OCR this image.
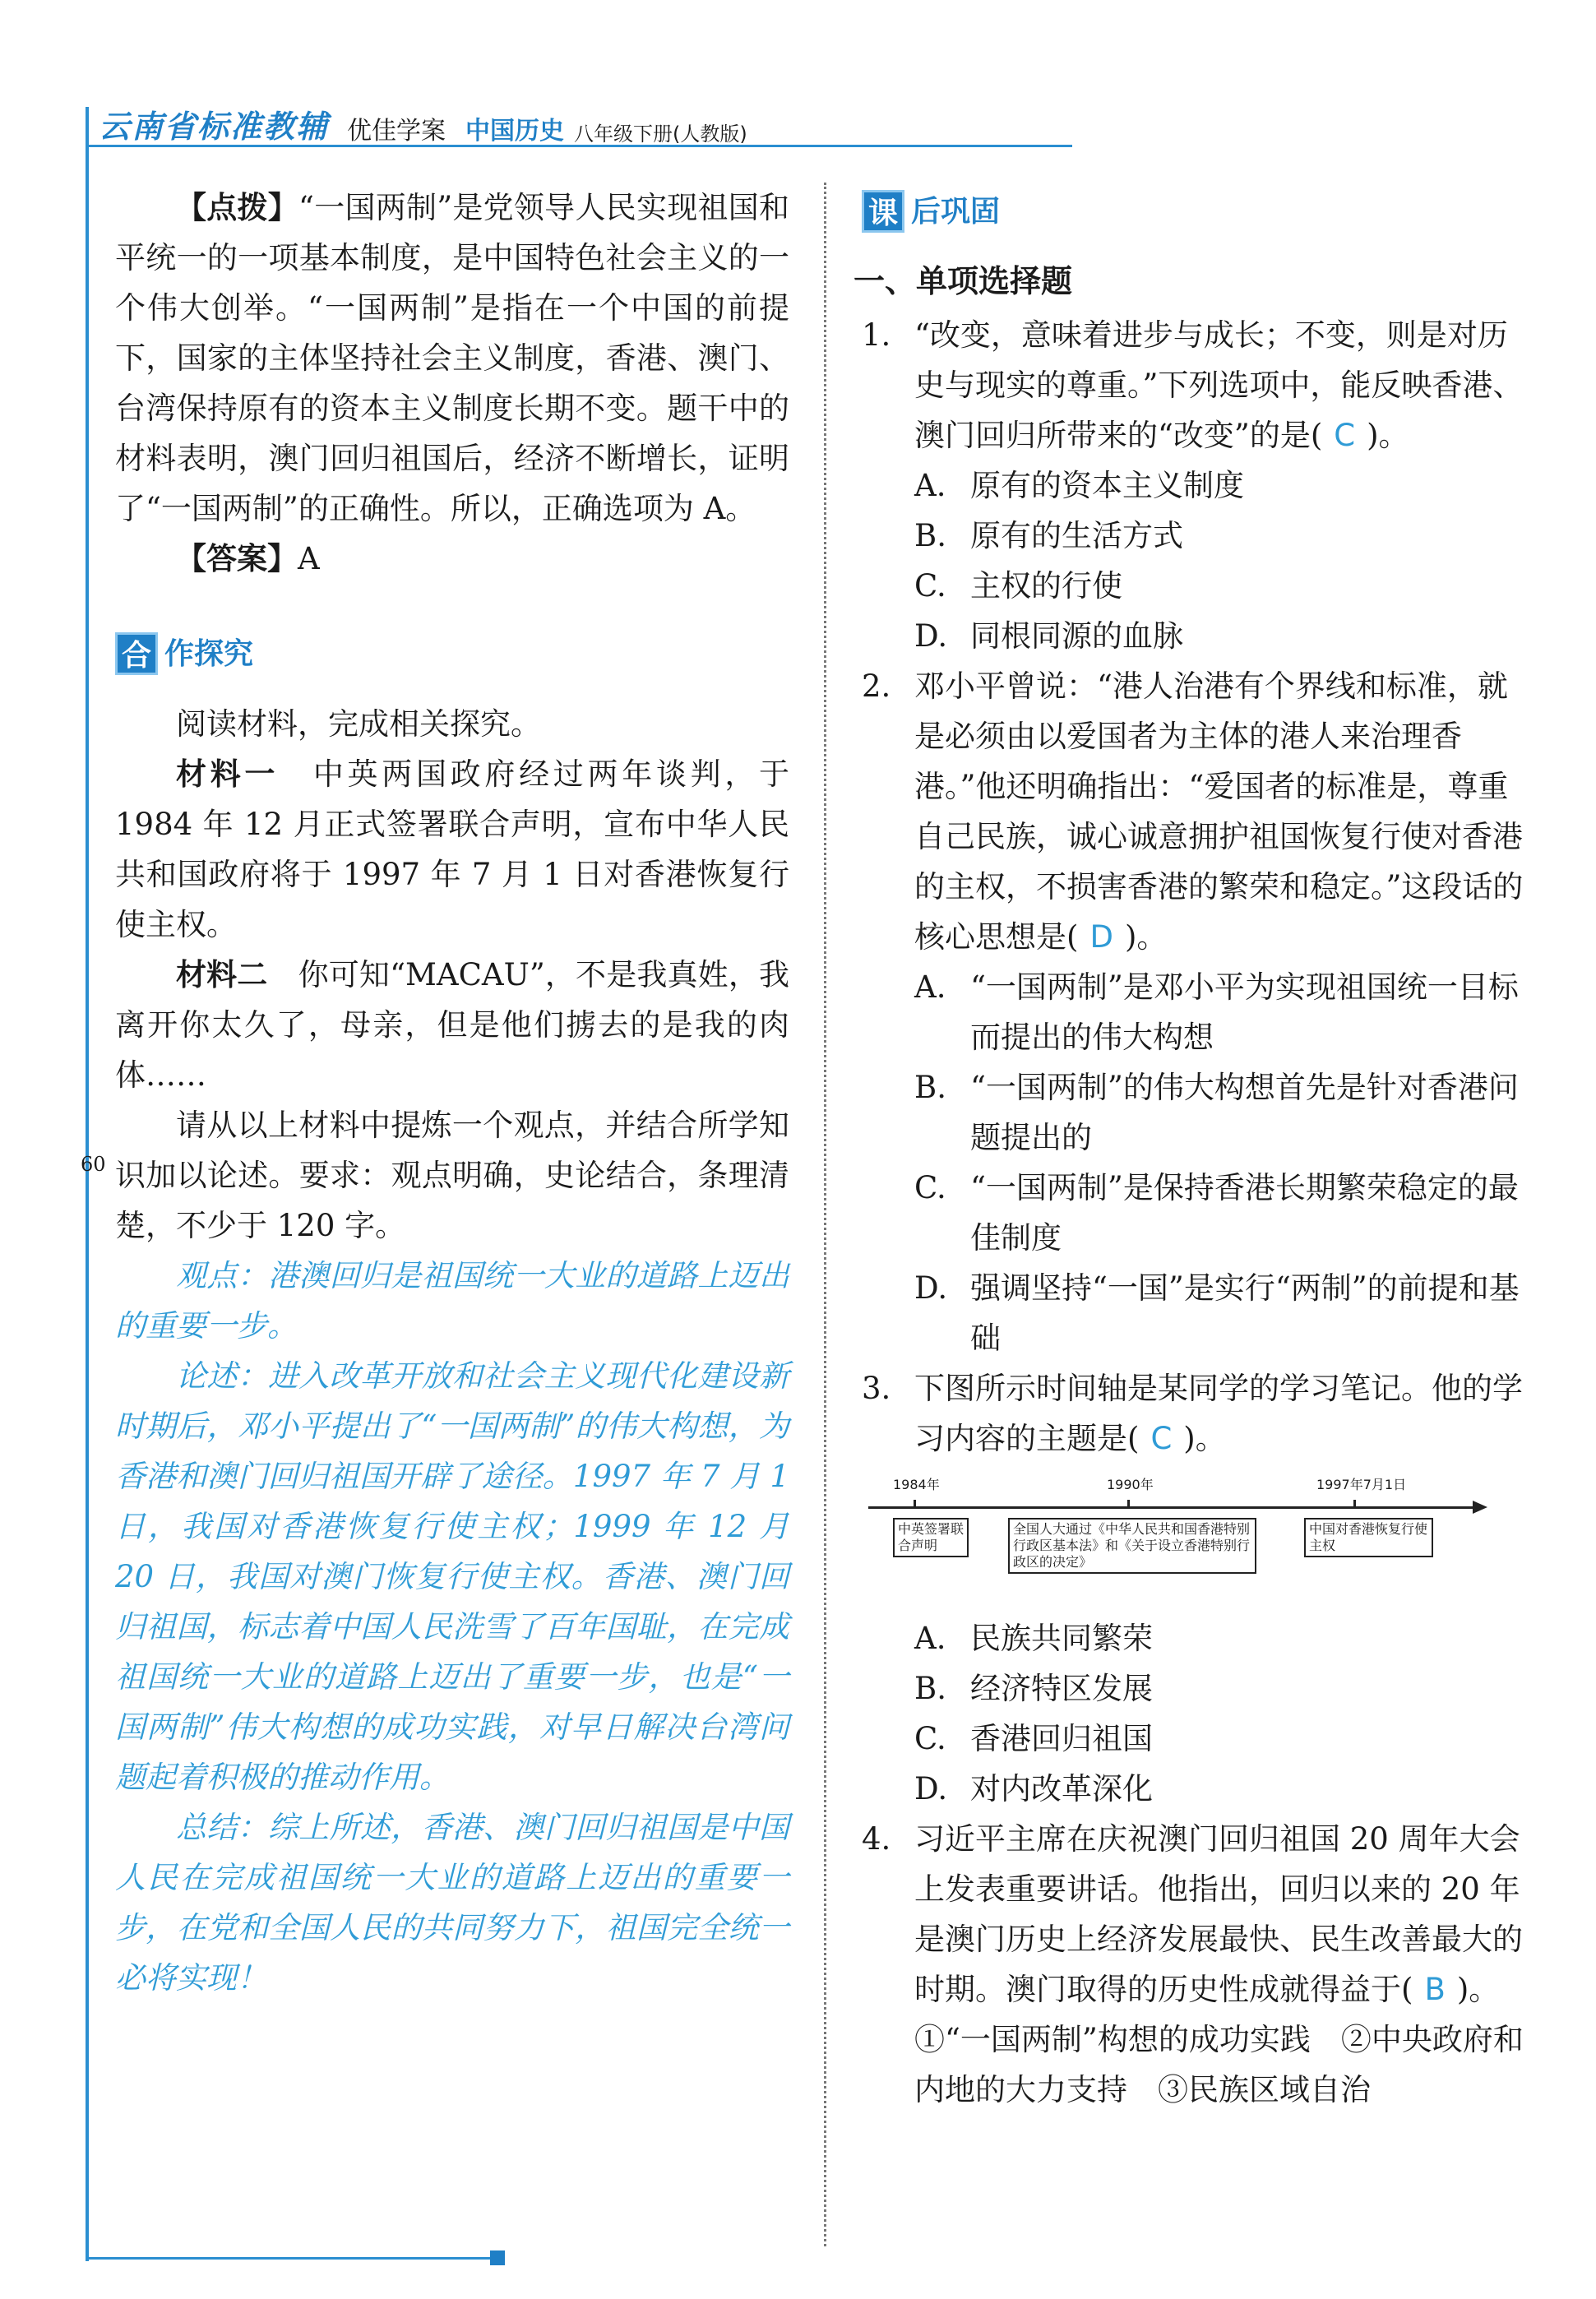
云南省标准教辅 优佳学案 中国历史 八年级下册(人教版)
60

【点拨】“一国两制”是党领导人民实现祖国和平统一的一项基本制度，是中国特色社会主义的一个伟大创举。“一国两制”是指在一个中国的前提下，国家的主体坚持社会主义制度，香港、澳门、台湾保持原有的资本主义制度长期不变。题干中的材料表明，澳门回归祖国后，经济不断增长，证明了“一国两制”的正确性。所以，正确选项为 A。

【答案】A

合 作探究

阅读材料，完成相关探究。

材料一　 中英两国政府经过两年谈判，于 1984 年 12 月正式签署联合声明，宣布中华人民共和国政府将于 1997 年 7 月 1 日对香港恢复行使主权。

材料二　 你可知“MACAU”，不是我真姓，我离开你太久了，母亲，但是他们掳去的是我的肉体……

请从以上材料中提炼一个观点，并结合所学知识加以论述。要求：观点明确，史论结合，条理清楚，不少于 120 字。

观点：港澳回归是祖国统一大业的道路上迈出的重要一步。

论述：进入改革开放和社会主义现代化建设新时期后，邓小平提出了“一国两制”的伟大构想，为香港和澳门回归祖国开辟了途径。1997 年 7 月 1 日，我国对香港恢复行使主权；1999 年 12 月 20 日，我国对澳门恢复行使主权。香港、澳门回归祖国，标志着中国人民洗雪了百年国耻，在完成祖国统一大业的道路上迈出了重要一步，也是“一国两制”伟大构想的成功实践，对早日解决台湾问题起着积极的推动作用。

总结：综上所述，香港、澳门回归祖国是中国人民在完成祖国统一大业的道路上迈出的重要一步，在党和全国人民的共同努力下，祖国完全统一必将实现！

课 后巩固
一、单项选择题
1. “改变，意味着进步与成长；不变，则是对历史与现实的尊重。”下列选项中，能反映香港、澳门回归所带来的“改变”的是( C )。
A. 原有的资本主义制度
B. 原有的生活方式
C. 主权的行使
D. 同根同源的血脉
2. 邓小平曾说：“港人治港有个界线和标准，就是必须由以爱国者为主体的港人来治理香港。”他还明确指出：“爱国者的标准是，尊重自己民族，诚心诚意拥护祖国恢复行使对香港的主权，不损害香港的繁荣和稳定。”这段话的核心思想是( D )。
A. “一国两制”是邓小平为实现祖国统一目标而提出的伟大构想
B. “一国两制”的伟大构想首先是针对香港问题提出的
C. “一国两制”是保持香港长期繁荣稳定的最佳制度
D. 强调坚持“一国”是实行“两制”的前提和基础
3. 下图所示时间轴是某同学的学习笔记。他的学习内容的主题是( C )。
1984年	1990年	1997年7月1日
中英签署联合声明
全国人大通过《中华人民共和国香港特别行政区基本法》和《关于设立香港特别行政区的决定》
中国对香港恢复行使主权
A. 民族共同繁荣
B. 经济特区发展
C. 香港回归祖国
D. 对内改革深化
4. 习近平主席在庆祝澳门回归祖国 20 周年大会上发表重要讲话。他指出，回归以来的 20 年是澳门历史上经济发展最快、民生改善最大的时期。澳门取得的历史性成就得益于( B )。
①“一国两制”构想的成功实践　②中央政府和内地的大力支持　③民族区域自治
